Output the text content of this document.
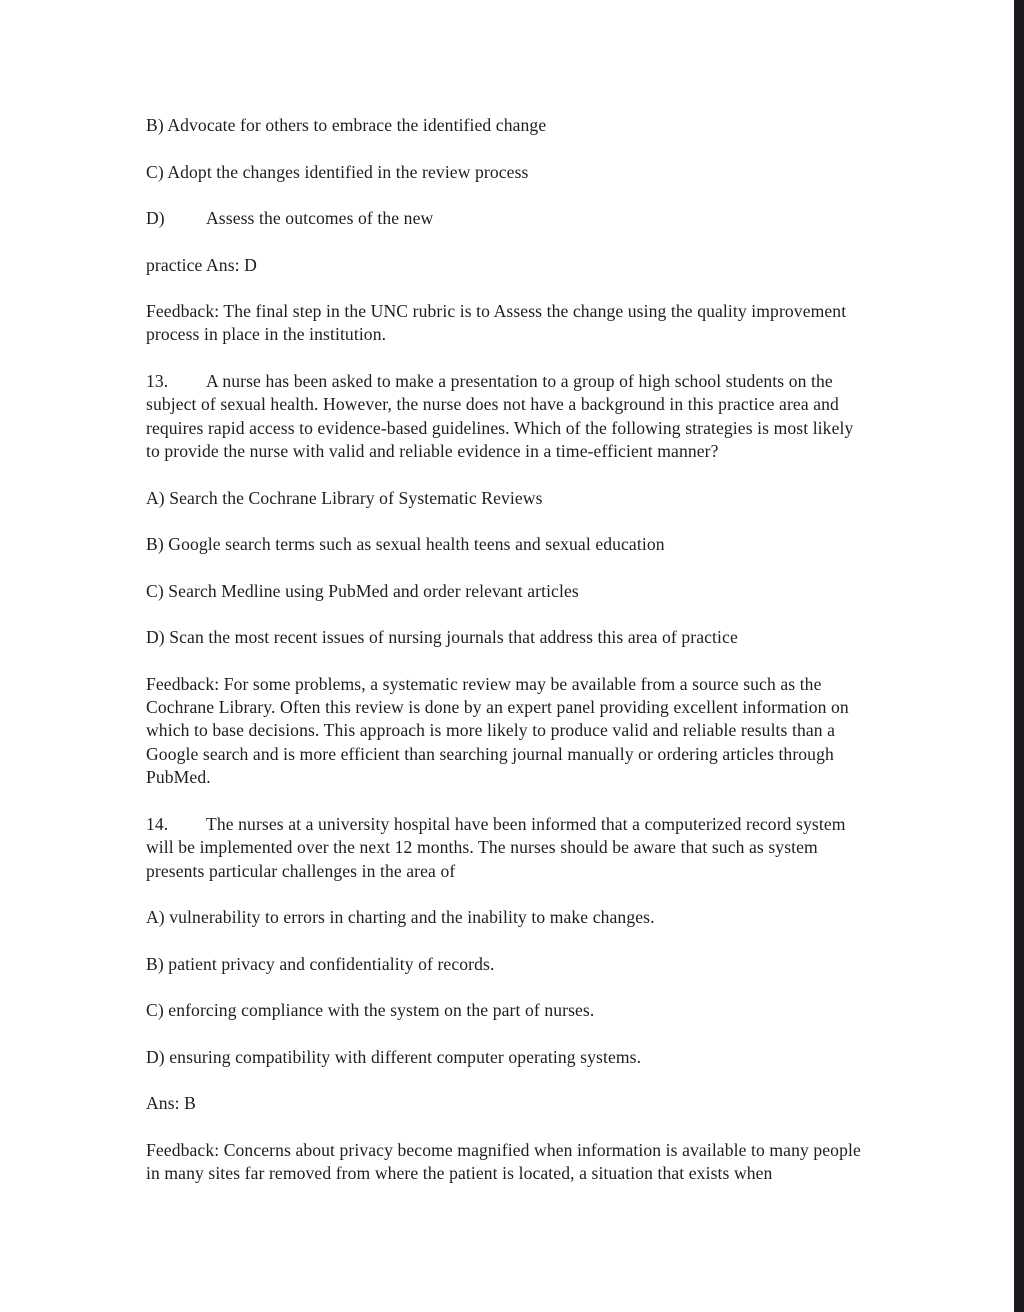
B) Advocate for others to embrace the identified change

C) Adopt the changes identified in the review process

D) Assess the outcomes of the new

practice Ans: D

Feedback: The final step in the UNC rubric is to Assess the change using the quality improvement
process in place in the institution.

13. A nurse has been asked to make a presentation to a group of high school students on the
subject of sexual health. However, the nurse does not have a background in this practice area and
requires rapid access to evidence-based guidelines. Which of the following strategies is most likely
to provide the nurse with valid and reliable evidence in a time-efficient manner?

A) Search the Cochrane Library of Systematic Reviews

B) Google search terms such as sexual health teens and sexual education

C) Search Medline using PubMed and order relevant articles

D) Scan the most recent issues of nursing journals that address this area of practice

Feedback: For some problems, a systematic review may be available from a source such as the
Cochrane Library. Often this review is done by an expert panel providing excellent information on
which to base decisions. This approach is more likely to produce valid and reliable results than a
Google search and is more efficient than searching journal manually or ordering articles through
PubMed.

14. The nurses at a university hospital have been informed that a computerized record system
will be implemented over the next 12 months. The nurses should be aware that such as system
presents particular challenges in the area of

A) vulnerability to errors in charting and the inability to make changes.

B) patient privacy and confidentiality of records.

C) enforcing compliance with the system on the part of nurses.

D) ensuring compatibility with different computer operating systems.

Ans: B

Feedback: Concerns about privacy become magnified when information is available to many people
in many sites far removed from where the patient is located, a situation that exists when
